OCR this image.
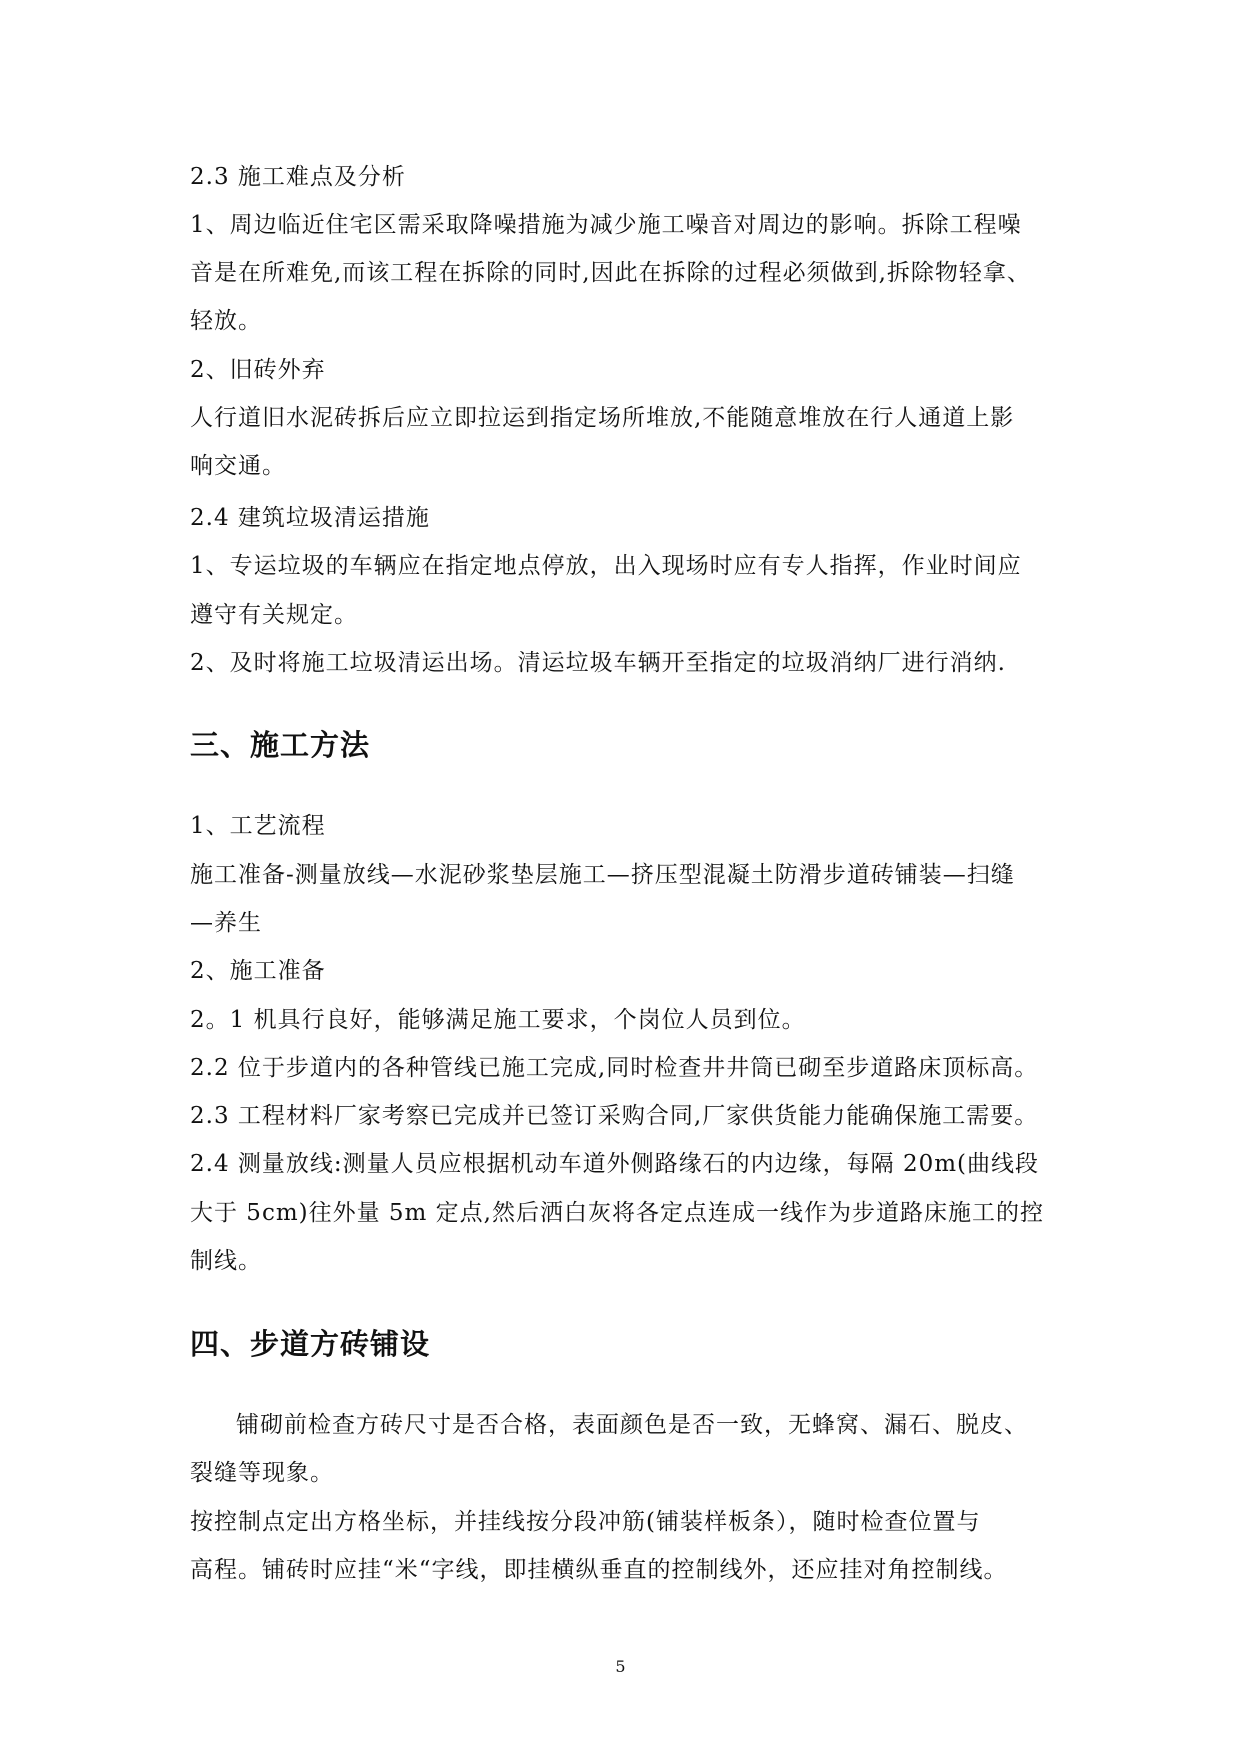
2.3 施工难点及分析
1、周边临近住宅区需采取降噪措施为减少施工噪音对周边的影响。拆除工程噪
音是在所难免,而该工程在拆除的同时,因此在拆除的过程必须做到,拆除物轻拿、
轻放。
2、旧砖外弃
人行道旧水泥砖拆后应立即拉运到指定场所堆放,不能随意堆放在行人通道上影
响交通。
2.4 建筑垃圾清运措施
1、专运垃圾的车辆应在指定地点停放，出入现场时应有专人指挥，作业时间应
遵守有关规定。
2、及时将施工垃圾清运出场。清运垃圾车辆开至指定的垃圾消纳厂进行消纳.
三、施工方法
1、工艺流程
施工准备-测量放线—水泥砂浆垫层施工—挤压型混凝土防滑步道砖铺装—扫缝
—养生
2、施工准备
2。1 机具行良好，能够满足施工要求，个岗位人员到位。
2.2 位于步道内的各种管线已施工完成,同时检查井井筒已砌至步道路床顶标高。
2.3 工程材料厂家考察已完成并已签订采购合同,厂家供货能力能确保施工需要。
2.4 测量放线:测量人员应根据机动车道外侧路缘石的内边缘，每隔 20m(曲线段
大于 5cm)往外量 5m 定点,然后洒白灰将各定点连成一线作为步道路床施工的控
制线。
四、步道方砖铺设
铺砌前检查方砖尺寸是否合格，表面颜色是否一致，无蜂窝、漏石、脱皮、
裂缝等现象。
按控制点定出方格坐标，并挂线按分段冲筋(铺装样板条），随时检查位置与
高程。铺砖时应挂“米“字线，即挂横纵垂直的控制线外，还应挂对角控制线。
5
